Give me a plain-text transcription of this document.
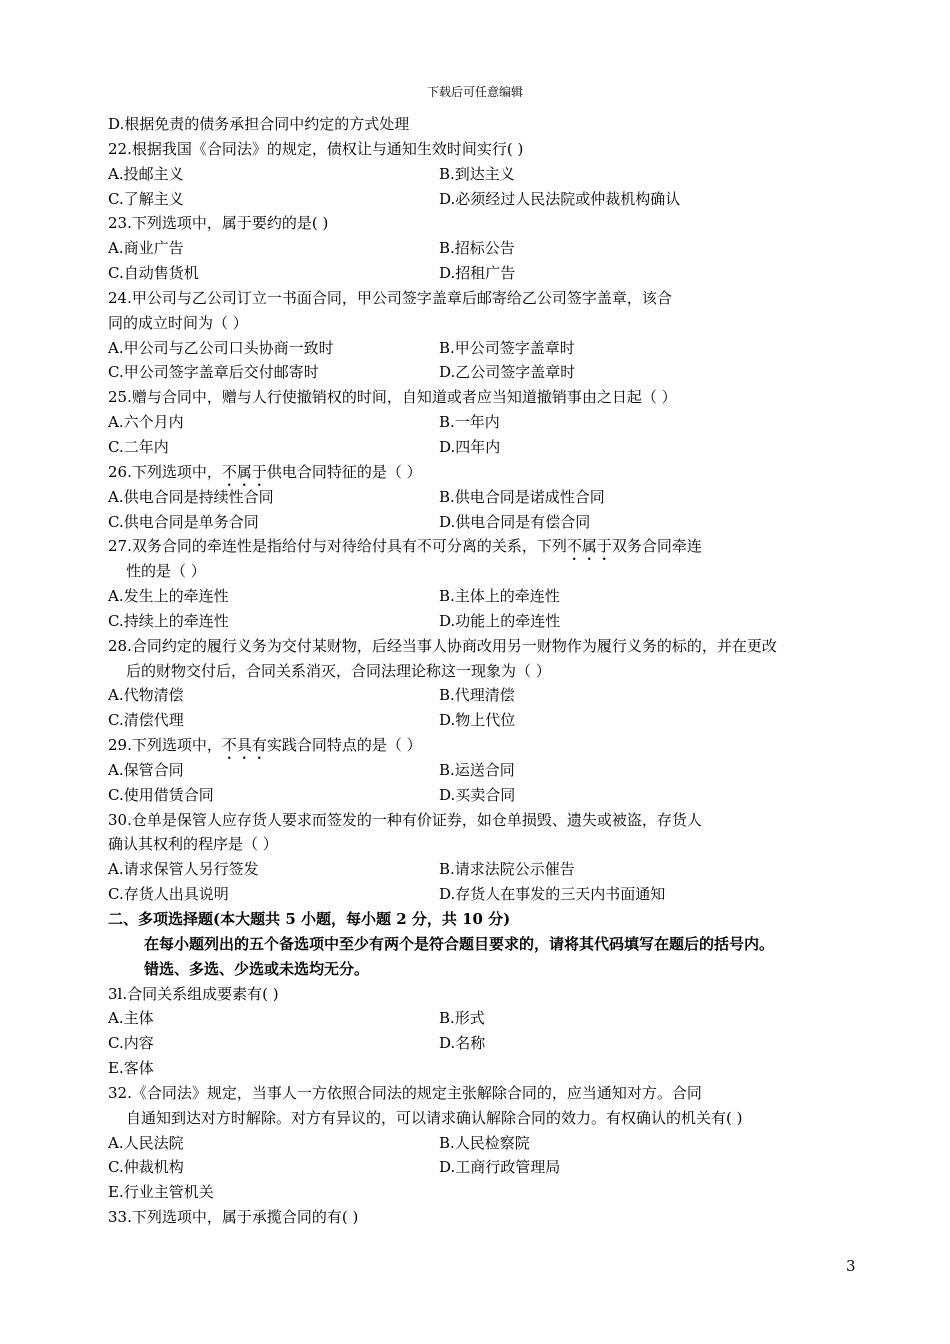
下载后可任意编辑
D.根据免责的债务承担合同中约定的方式处理
22.根据我国《合同法》的规定，债权让与通知生效时间实行( )
A.投邮主义	B.到达主义
C.了解主义	D.必须经过人民法院或仲裁机构确认
23.下列选项中，属于要约的是( )
A.商业广告	B.招标公告
C.自动售货机	D.招租广告
24.甲公司与乙公司订立一书面合同，甲公司签字盖章后邮寄给乙公司签字盖章，该合
同的成立时间为（ ）
A.甲公司与乙公司口头协商一致时	B.甲公司签字盖章时
C.甲公司签字盖章后交付邮寄时	D.乙公司签字盖章时
25.赠与合同中，赠与人行使撤销权的时间，自知道或者应当知道撤销事由之日起（ ）
A.六个月内	B.一年内
C.二年内	D.四年内
26.下列选项中，不属于供电合同特征的是（ ）
A.供电合同是持续性合同	B.供电合同是诺成性合同
C.供电合同是单务合同	D.供电合同是有偿合同
27.双务合同的牵连性是指给付与对待给付具有不可分离的关系，下列不属于双务合同牵连
性的是（ ）
A.发生上的牵连性	B.主体上的牵连性
C.持续上的牵连性	D.功能上的牵连性
28.合同约定的履行义务为交付某财物，后经当事人协商改用另一财物作为履行义务的标的，并在更改
后的财物交付后，合同关系消灭，合同法理论称这一现象为（ ）
A.代物清偿	B.代理清偿
C.清偿代理	D.物上代位
29.下列选项中，不具有实践合同特点的是（ ）
A.保管合同	B.运送合同
C.使用借赁合同	D.买卖合同
30.仓单是保管人应存货人要求而签发的一种有价证券，如仓单损毁、遗失或被盗，存货人
确认其权利的程序是（ ）
A.请求保管人另行签发	B.请求法院公示催告
C.存货人出具说明	D.存货人在事发的三天内书面通知
二、多项选择题(本大题共 5 小题，每小题 2 分，共 10 分)
在每小题列出的五个备选项中至少有两个是符合题目要求的，请将其代码填写在题后的括号内。
错选、多选、少选或未选均无分。
3l.合同关系组成要素有( )
A.主体	B.形式
C.内容	D.名称
E.客体
32.《合同法》规定，当事人一方依照合同法的规定主张解除合同的，应当通知对方。合同
自通知到达对方时解除。对方有异议的，可以请求确认解除合同的效力。有权确认的机关有( )
A.人民法院	B.人民检察院
C.仲裁机构	D.工商行政管理局
E.行业主管机关
33.下列选项中，属于承揽合同的有( )
3
